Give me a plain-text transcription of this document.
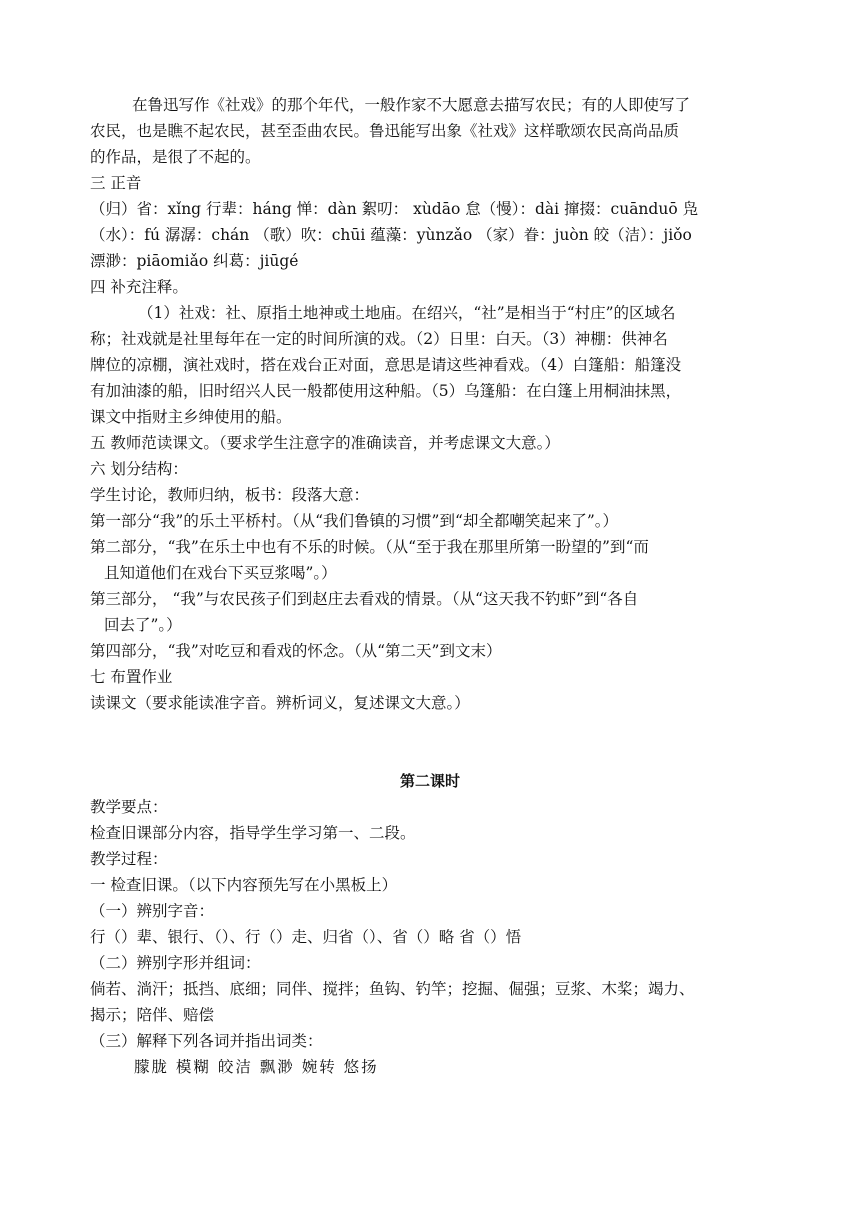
在鲁迅写作《社戏》的那个年代，一般作家不大愿意去描写农民；有的人即使写了
农民，也是瞧不起农民，甚至歪曲农民。鲁迅能写出象《社戏》这样歌颂农民高尚品质
的作品，是很了不起的。
三 正音
（归）省：xǐng 行辈：háng 惮：dàn 絮叨： xùdāo 怠（慢）：dài 撺掇：cuānduō 凫
（水）：fú 潺潺：chán （歌）吹：chūi 蕴藻：yùnzǎo （家）眷：juòn 皎（洁）：jiǒo
漂渺：piāomiǎo 纠葛：jiūgé
四 补充注释。
（1）社戏：社、原指土地神或土地庙。在绍兴，“社”是相当于“村庄”的区域名
称；社戏就是社里每年在一定的时间所演的戏。（2）日里：白天。（3）神棚：供神名
牌位的凉棚，演社戏时，搭在戏台正对面，意思是请这些神看戏。（4）白篷船：船篷没
有加油漆的船，旧时绍兴人民一般都使用这种船。（5）乌篷船：在白篷上用桐油抹黑，
课文中指财主乡绅使用的船。
五 教师范读课文。（要求学生注意字的准确读音，并考虑课文大意。）
六 划分结构：
学生讨论，教师归纳，板书：段落大意：
第一部分“我”的乐土平桥村。（从“我们鲁镇的习惯”到“却全都嘲笑起来了”。）
第二部分，“我”在乐土中也有不乐的时候。（从“至于我在那里所第一盼望的”到“而
且知道他们在戏台下买豆浆喝”。）
第三部分， “我”与农民孩子们到赵庄去看戏的情景。（从“这天我不钓虾”到“各自
回去了”。）
第四部分，“我”对吃豆和看戏的怀念。（从“第二天”到文末）
七 布置作业
读课文（要求能读准字音。辨析词义，复述课文大意。）
第二课时
教学要点：
检查旧课部分内容，指导学生学习第一、二段。
教学过程：
一 检查旧课。（以下内容预先写在小黑板上）
（一）辨别字音：
行（）辈、银行、（）、行（）走、归省（）、省（）略 省（）悟
（二）辨别字形并组词：
倘若、淌汗；抵挡、底细；同伴、搅拌；鱼钩、钓竿；挖掘、倔强；豆浆、木桨；竭力、
揭示；陪伴、赔偿
（三）解释下列各词并指出词类：
朦胧 模糊 皎洁 飘渺 婉转 悠扬
